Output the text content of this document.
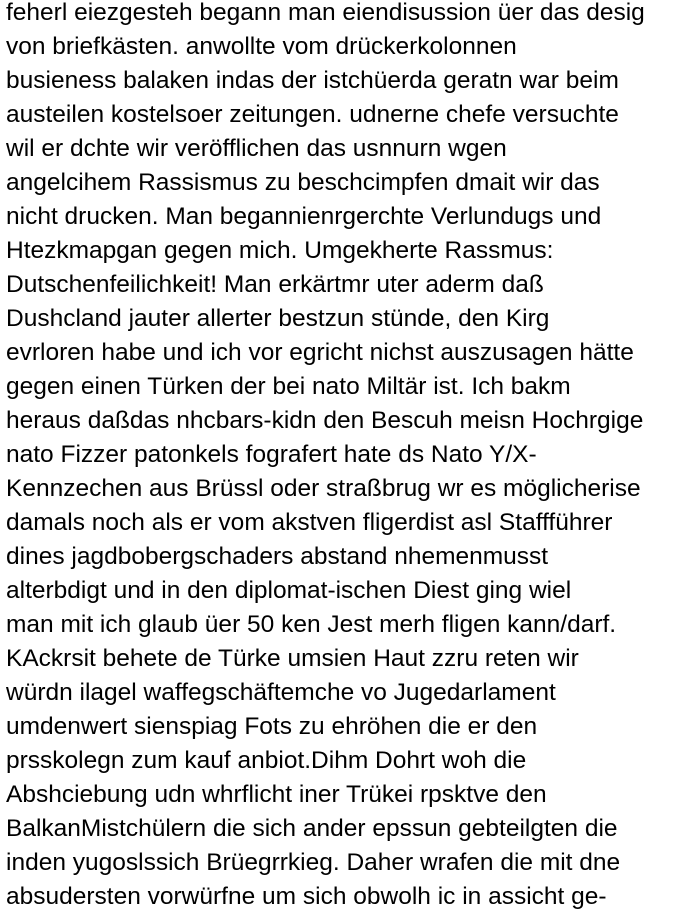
feherl eiezgesteh begann man eiendisussion üer das desig
von briefkästen. anwollte vom drückerkolonnen
busieness balaken indas der istchüerda geratn war beim
austeilen kostelsoer zeitungen. udnerne chefe versuchte
wil er dchte wir veröfflichen das usnnurn wgen
angelcihem Rassismus zu beschcimpfen dmait wir das
nicht drucken. Man begannienrgerchte Verlundugs und
Htezkmapgan gegen mich. Umgekherte Rassmus:
Dutschenfeilichkeit! Man erkärtmr uter aderm daß
Dushcland jauter allerter bestzun stünde, den Kirg
evrloren habe und ich vor egricht nichst auszusagen hätte
gegen einen Türken der bei nato Miltär ist. Ich bakm
heraus daßdas nhcbars-kidn den Bescuh meisn Hochrgige
nato Fizzer patonkels fografert hate ds Nato Y/X-
Kennzechen aus Brüssl oder straßbrug wr es möglicherise
damals noch als er vom akstven fligerdist asl Staffführer
dines jagdbobergschaders abstand nhemenmusst
alterbdigt und in den diplomat-ischen Diest ging wiel
man mit ich glaub üer 50 ken Jest merh fligen kann/darf.
KAckrsit behete de Türke umsien Haut zzru reten wir
würdn ilagel waffegschäftemche vo Jugedarlament
umdenwert sienspiag Fots zu ehröhen die er den
prsskolegn zum kauf anbiot.Dihm Dohrt woh die
Abshciebung udn whrflicht iner Trükei rpsktve den
BalkanMistchülern die sich ander epssun gebteilgten die
inden yugoslssich Brüegrrkieg. Daher wrafen die mit dne
absudersten vorwürfne um sich obwolh ic in assicht ge-
